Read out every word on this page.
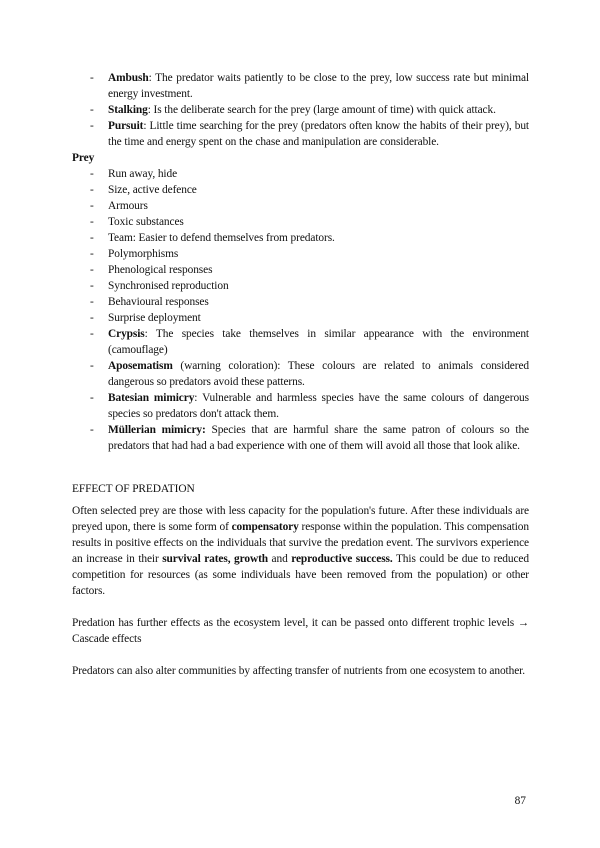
- Ambush: The predator waits patiently to be close to the prey, low success rate but minimal energy investment.
- Stalking: Is the deliberate search for the prey (large amount of time) with quick attack.
- Pursuit: Little time searching for the prey (predators often know the habits of their prey), but the time and energy spent on the chase and manipulation are considerable.
Prey
- Run away, hide
- Size, active defence
- Armours
- Toxic substances
- Team: Easier to defend themselves from predators.
- Polymorphisms
- Phenological responses
- Synchronised reproduction
- Behavioural responses
- Surprise deployment
- Crypsis: The species take themselves in similar appearance with the environment (camouflage)
- Aposematism (warning coloration): These colours are related to animals considered dangerous so predators avoid these patterns.
- Batesian mimicry: Vulnerable and harmless species have the same colours of dangerous species so predators don't attack them.
- Müllerian mimicry: Species that are harmful share the same patron of colours so the predators that had had a bad experience with one of them will avoid all those that look alike.
EFFECT OF PREDATION

Often selected prey are those with less capacity for the population's future. After these individuals are preyed upon, there is some form of compensatory response within the population. This compensation results in positive effects on the individuals that survive the predation event. The survivors experience an increase in their survival rates, growth and reproductive success. This could be due to reduced competition for resources (as some individuals have been removed from the population) or other factors.

Predation has further effects as the ecosystem level, it can be passed onto different trophic levels → Cascade effects

Predators can also alter communities by affecting transfer of nutrients from one ecosystem to another.

87
